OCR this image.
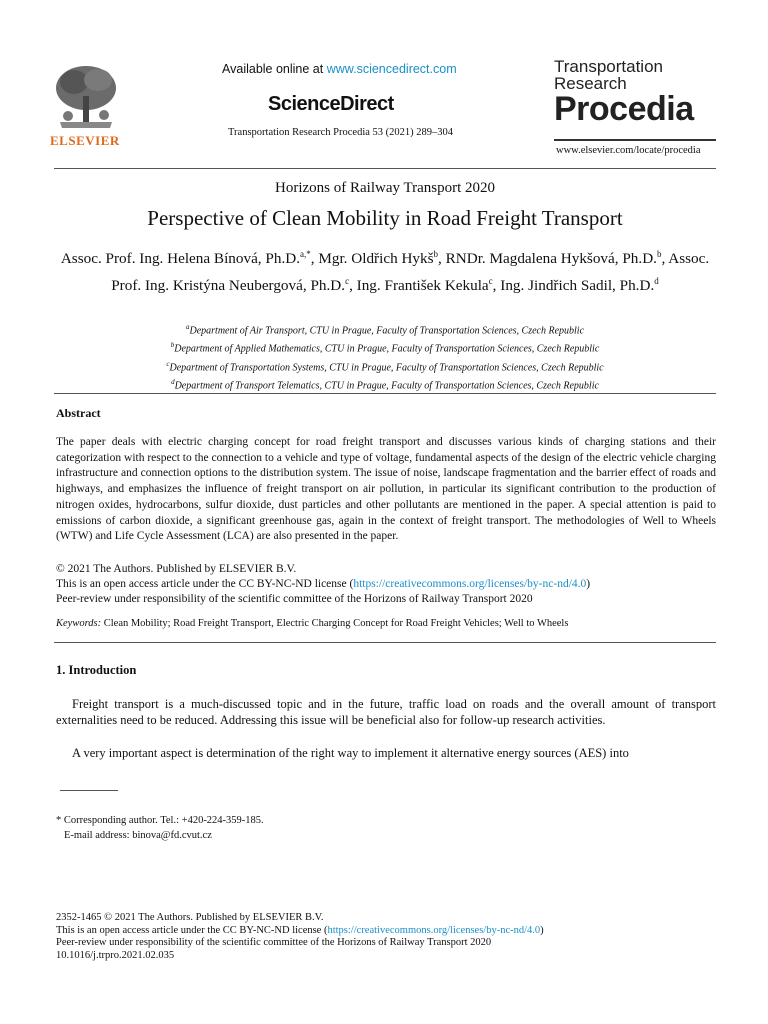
ELSEVIER
Available online at www.sciencedirect.com
ScienceDirect
Transportation Research Procedia 53 (2021) 289–304
Transportation
Research
Procedia
www.elsevier.com/locate/procedia
Horizons of Railway Transport 2020
Perspective of Clean Mobility in Road Freight Transport
Assoc. Prof. Ing. Helena Bínová, Ph.D.$^{a,*}$, Mgr. Oldřich Hykš$^b$, RNDr. Magdalena Hykšová, Ph.D.$^b$, Assoc. Prof. Ing. Kristýna Neubergová, Ph.D.$^c$, Ing. František Kekula$^c$, Ing. Jindřich Sadil, Ph.D.$^d$
$^a$Department of Air Transport, CTU in Prague, Faculty of Transportation Sciences, Czech Republic
$^b$Department of Applied Mathematics, CTU in Prague, Faculty of Transportation Sciences, Czech Republic
$^c$Department of Transportation Systems, CTU in Prague, Faculty of Transportation Sciences, Czech Republic
$^d$Department of Transport Telematics, CTU in Prague, Faculty of Transportation Sciences, Czech Republic
Abstract
The paper deals with electric charging concept for road freight transport and discusses various kinds of charging stations and their categorization with respect to the connection to a vehicle and type of voltage, fundamental aspects of the design of the electric vehicle charging infrastructure and connection options to the distribution system. The issue of noise, landscape fragmentation and the barrier effect of roads and highways, and emphasizes the influence of freight transport on air pollution, in particular its significant contribution to the production of nitrogen oxides, hydrocarbons, sulfur dioxide, dust particles and other pollutants are mentioned in the paper. A special attention is paid to emissions of carbon dioxide, a significant greenhouse gas, again in the context of freight transport. The methodologies of Well to Wheels (WTW) and Life Cycle Assessment (LCA) are also presented in the paper.
© 2021 The Authors. Published by ELSEVIER B.V.
This is an open access article under the CC BY-NC-ND license (https://creativecommons.org/licenses/by-nc-nd/4.0)
Peer-review under responsibility of the scientific committee of the Horizons of Railway Transport 2020
Keywords: Clean Mobility; Road Freight Transport, Electric Charging Concept for Road Freight Vehicles; Well to Wheels
1. Introduction
Freight transport is a much-discussed topic and in the future, traffic load on roads and the overall amount of transport externalities need to be reduced. Addressing this issue will be beneficial also for follow-up research activities.
A very important aspect is determination of the right way to implement it alternative energy sources (AES) into
* Corresponding author. Tel.: +420-224-359-185.
E-mail address: binova@fd.cvut.cz
2352-1465 © 2021 The Authors. Published by ELSEVIER B.V.
This is an open access article under the CC BY-NC-ND license (https://creativecommons.org/licenses/by-nc-nd/4.0)
Peer-review under responsibility of the scientific committee of the Horizons of Railway Transport 2020
10.1016/j.trpro.2021.02.035
